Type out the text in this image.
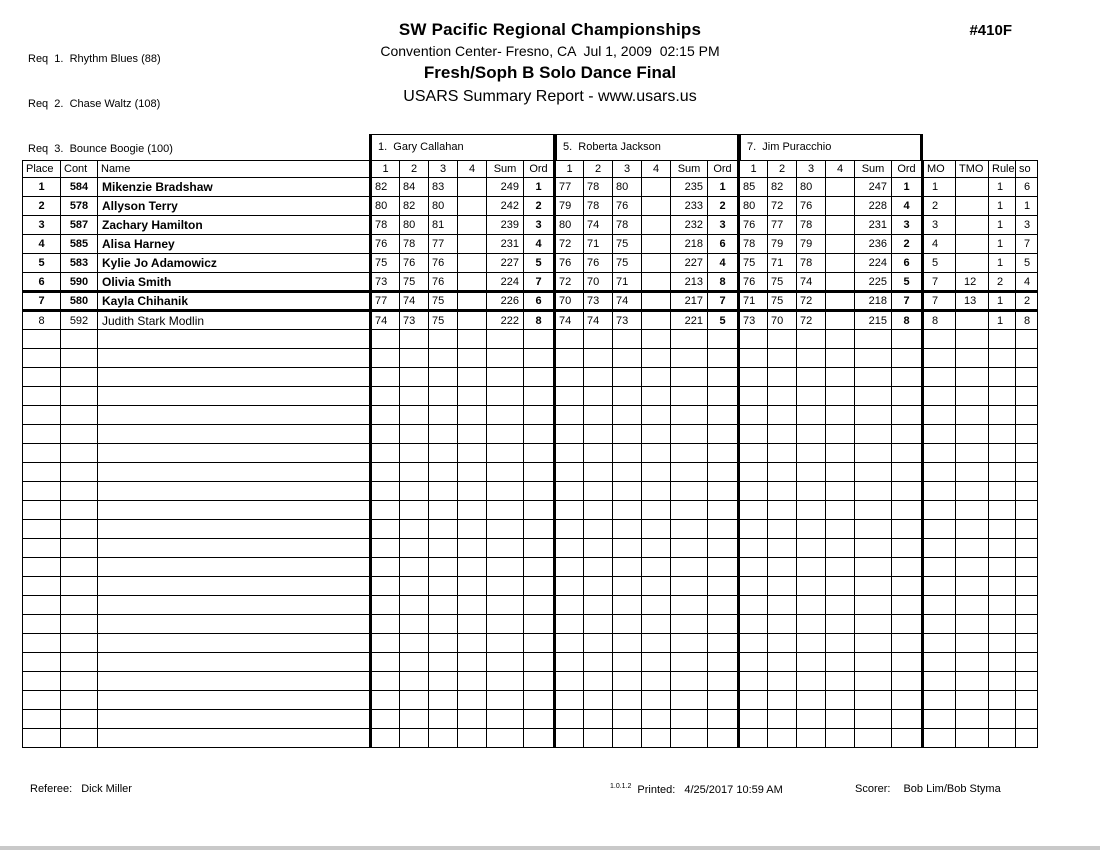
Req  1.  Rhythm Blues (88)

Req  2.  Chase Waltz (108)

Req  3.  Bounce Boogie (100)

SW Pacific Regional Championships
Convention Center- Fresno, CA  Jul 1, 2009  02:15 PM
Fresh/Soph B Solo Dance Final
USARS Summary Report - www.usars.us
#410F
1.  Gary Callahan	5.  Roberta Jackson	7.  Jim Puracchio
Place	Cont	Name	1	2	3	4	Sum	Ord	1	2	3	4	Sum	Ord	1	2	3	4	Sum	Ord	MO	TMO	Rule	so
1	584	Mikenzie Bradshaw	82	84	83		249	1	77	78	80		235	1	85	82	80		247	1	1		1	6
2	578	Allyson Terry	80	82	80		242	2	79	78	76		233	2	80	72	76		228	4	2		1	1
3	587	Zachary Hamilton	78	80	81		239	3	80	74	78		232	3	76	77	78		231	3	3		1	3
4	585	Alisa Harney	76	78	77		231	4	72	71	75		218	6	78	79	79		236	2	4		1	7
5	583	Kylie Jo Adamowicz	75	76	76		227	5	76	76	75		227	4	75	71	78		224	6	5		1	5
6	590	Olivia Smith	73	75	76		224	7	72	70	71		213	8	76	75	74		225	5	7	12	2	4
7	580	Kayla Chihanik	77	74	75		226	6	70	73	74		217	7	71	75	72		218	7	7	13	1	2
8	592	Judith Stark Modlin	74	73	75		222	8	74	74	73		221	5	73	70	72		215	8	8		1	8

Referee: Dick Miller	$^{1.0.1.2}$ Printed: 4/25/2017 10:59 AM	Scorer: Bob Lim/Bob Styma
